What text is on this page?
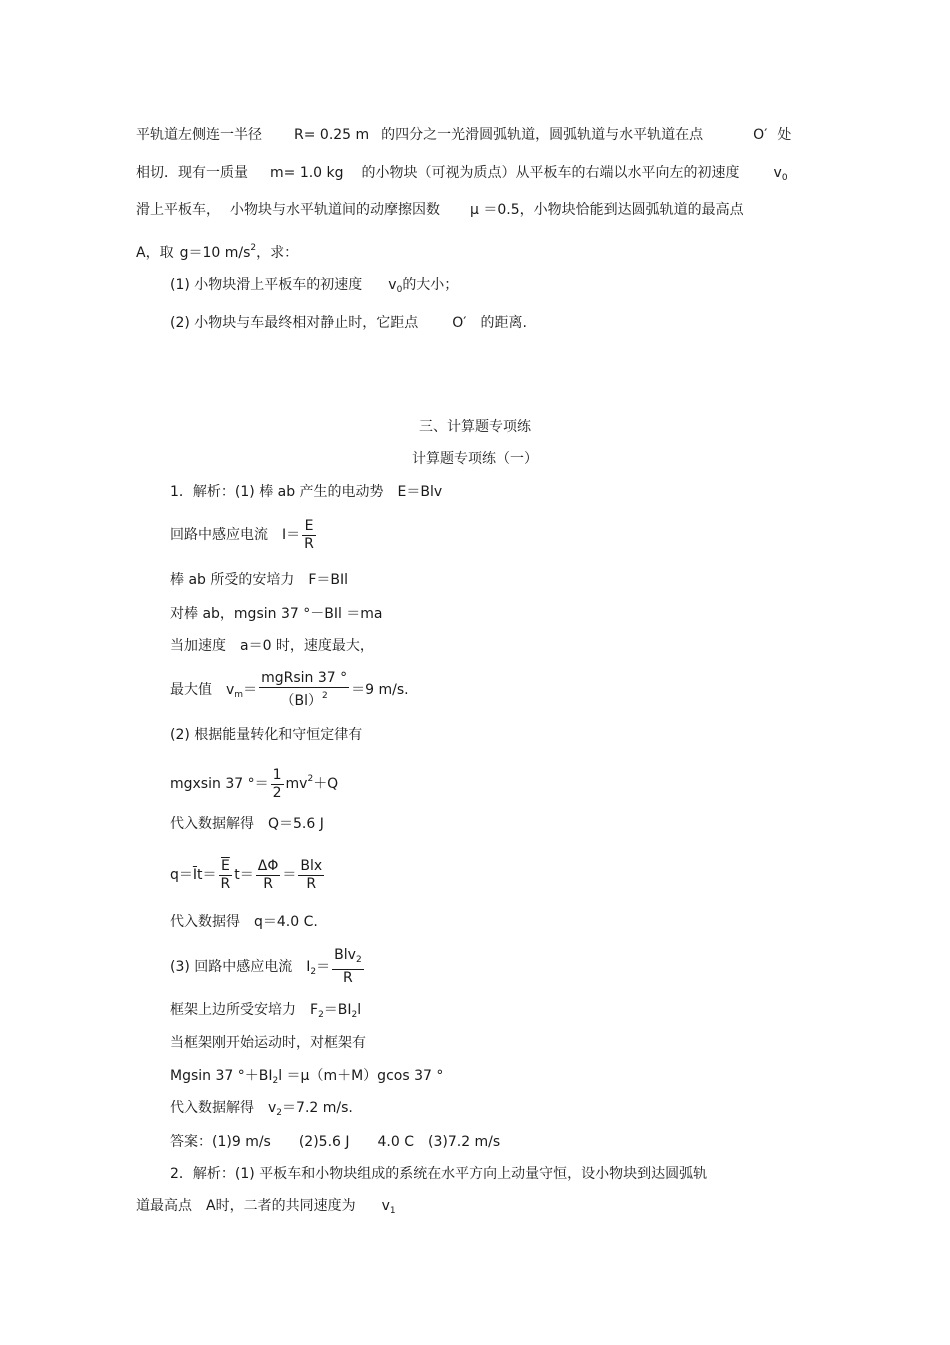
平轨道左侧连一半径 R= 0.25 m 的四分之一光滑圆弧轨道，圆弧轨道与水平轨道在点	O′ 处
相切．现有一质量 m= 1.0 kg 的小物块（可视为质点）从平板车的右端以水平向左的初速度 $v_0$
滑上平板车， 小物块与水平轨道间的动摩擦因数 μ ＝0.5，小物块恰能到达圆弧轨道的最高点
A，取 g＝10 $m/s^2$，求：
(1) 小物块滑上平板车的初速度 $v_0$的大小；
(2) 小物块与车最终相对静止时，它距点 O′ 的距离.
三、计算题专项练
计算题专项练（一）
1．解析：(1) 棒 ab 产生的电动势　E＝Blv
回路中感应电流　$I= \frac{E}{R}$
棒 ab 所受的安培力　F＝BIl
对棒 ab，mgsin 37 °－BIl ＝ma
当加速度　a＝0 时，速度最大，
最大值　$v_m= \frac{\text{mgRsin 37 °}}{(Bl)^2} =9$ m/s.
(2) 根据能量转化和守恒定律有
mgxsin 37 °＝ $\frac{1}{2} mv^2+Q$
代入数据解得　Q＝5.6 J
$q=\overline{I}t= \frac{\overline{E}}{R} t= \frac{\Delta\Phi}{R} = \frac{\text{Blx}}{R}$
代入数据得　q＝4.0 C.
(3) 回路中感应电流　$I_2= \frac{Blv_2}{R}$
框架上边所受安培力　$F_2=BI_2l$
当框架刚开始运动时，对框架有
Mgsin 37 $^\circ+BI_2l =\mu(m+M)gcos$ 37 °
代入数据解得　$v_2=7.2$ m/s.
答案：(1)9 m/s　　(2)5.6 J　　4.0 C　(3)7.2 m/s
2．解析：(1) 平板车和小物块组成的系统在水平方向上动量守恒，设小物块到达圆弧轨
道最高点　A时，二者的共同速度为 $v_1$
